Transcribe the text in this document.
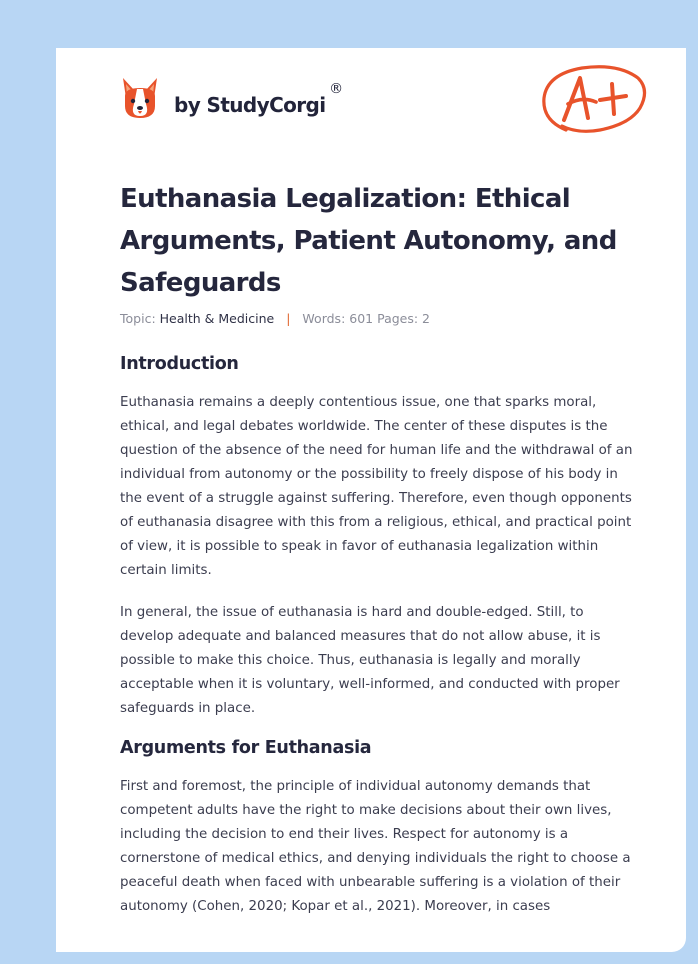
by StudyCorgi
®
Euthanasia Legalization: Ethical Arguments, Patient Autonomy, and Safeguards
Topic: Health & Medicine | Words: 601 Pages: 2
Introduction

Euthanasia remains a deeply contentious issue, one that sparks moral, ethical, and legal debates worldwide. The center of these disputes is the question of the absence of the need for human life and the withdrawal of an individual from autonomy or the possibility to freely dispose of his body in the event of a struggle against suffering. Therefore, even though opponents of euthanasia disagree with this from a religious, ethical, and practical point of view, it is possible to speak in favor of euthanasia legalization within certain limits.

In general, the issue of euthanasia is hard and double-edged. Still, to develop adequate and balanced measures that do not allow abuse, it is possible to make this choice. Thus, euthanasia is legally and morally acceptable when it is voluntary, well-informed, and conducted with proper safeguards in place.

Arguments for Euthanasia

First and foremost, the principle of individual autonomy demands that competent adults have the right to make decisions about their own lives, including the decision to end their lives. Respect for autonomy is a cornerstone of medical ethics, and denying individuals the right to choose a peaceful death when faced with unbearable suffering is a violation of their autonomy (Cohen, 2020; Kopar et al., 2021). Moreover, in cases
